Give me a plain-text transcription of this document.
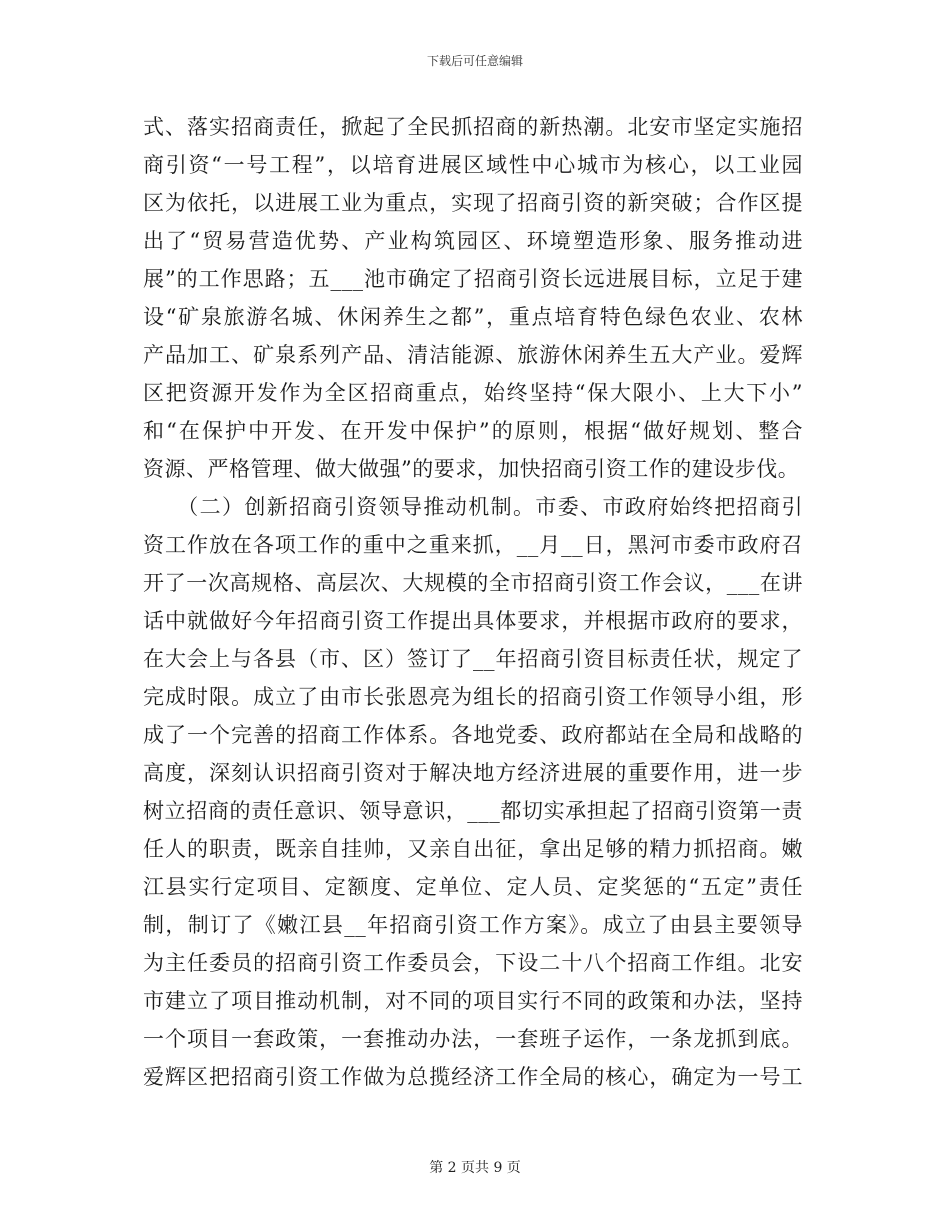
下载后可任意编辑
式、落实招商责任，掀起了全民抓招商的新热潮。北安市坚定实施招
商引资“一号工程”，以培育进展区域性中心城市为核心，以工业园
区为依托，以进展工业为重点，实现了招商引资的新突破；合作区提
出了“贸易营造优势、产业构筑园区、环境塑造形象、服务推动进
展”的工作思路；五___池市确定了招商引资长远进展目标，立足于建
设“矿泉旅游名城、休闲养生之都”，重点培育特色绿色农业、农林
产品加工、矿泉系列产品、清洁能源、旅游休闲养生五大产业。爱辉
区把资源开发作为全区招商重点，始终坚持“保大限小、上大下小”
和“在保护中开发、在开发中保护”的原则，根据“做好规划、整合
资源、严格管理、做大做强”的要求，加快招商引资工作的建设步伐。
　　（二）创新招商引资领导推动机制。市委、市政府始终把招商引
资工作放在各项工作的重中之重来抓，__月__日，黑河市委市政府召
开了一次高规格、高层次、大规模的全市招商引资工作会议，___在讲
话中就做好今年招商引资工作提出具体要求，并根据市政府的要求，
在大会上与各县（市、区）签订了__年招商引资目标责任状，规定了
完成时限。成立了由市长张恩亮为组长的招商引资工作领导小组，形
成了一个完善的招商工作体系。各地党委、政府都站在全局和战略的
高度，深刻认识招商引资对于解决地方经济进展的重要作用，进一步
树立招商的责任意识、领导意识，___都切实承担起了招商引资第一责
任人的职责，既亲自挂帅，又亲自出征，拿出足够的精力抓招商。嫩
江县实行定项目、定额度、定单位、定人员、定奖惩的“五定”责任
制，制订了《嫩江县__年招商引资工作方案》。成立了由县主要领导
为主任委员的招商引资工作委员会，下设二十八个招商工作组。北安
市建立了项目推动机制，对不同的项目实行不同的政策和办法，坚持
一个项目一套政策，一套推动办法，一套班子运作，一条龙抓到底。
爱辉区把招商引资工作做为总揽经济工作全局的核心，确定为一号工
第 2 页共 9 页
